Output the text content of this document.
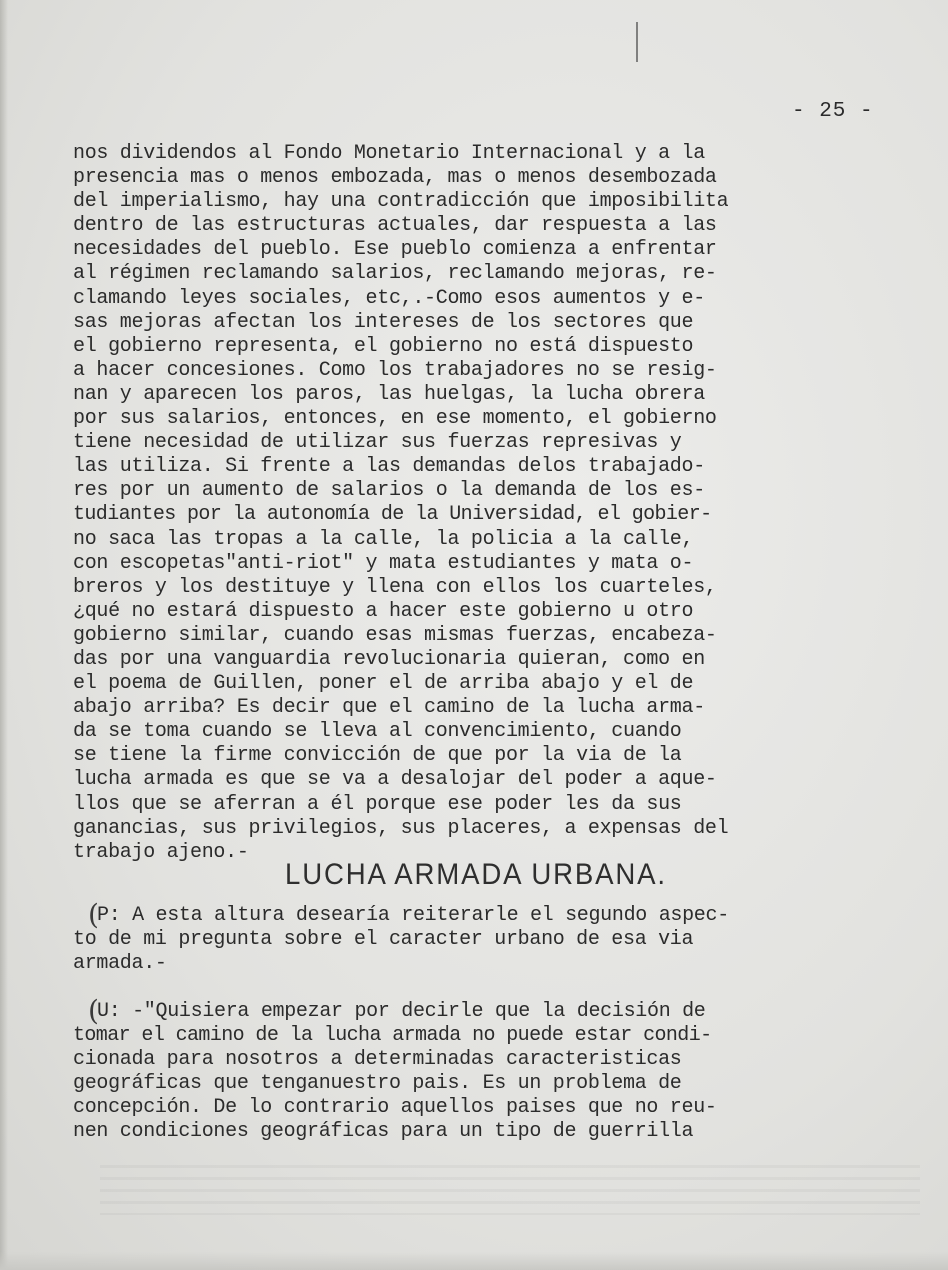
- 25 -
nos dividendos al Fondo Monetario Internacional y a la
presencia mas o menos embozada, mas o menos desembozada
del imperialismo, hay una contradicción que imposibilita
dentro de las estructuras actuales, dar respuesta a las
necesidades del pueblo. Ese pueblo comienza a enfrentar
al régimen reclamando salarios, reclamando mejoras, re-
clamando leyes sociales, etc,.-Como esos aumentos y e-
sas mejoras afectan los intereses de los sectores que
el gobierno representa, el gobierno no está dispuesto
a hacer concesiones. Como los trabajadores no se resig-
nan y aparecen los paros, las huelgas, la lucha obrera
por sus salarios, entonces, en ese momento, el gobierno
tiene necesidad de utilizar sus fuerzas represivas y
las utiliza. Si frente a las demandas delos trabajado-
res por un aumento de salarios o la demanda de los es-
tudiantes por la autonomía de la Universidad, el gobier-
no saca las tropas a la calle, la policia a la calle,
con escopetas"anti-riot" y mata estudiantes y mata o-
breros y los destituye y llena con ellos los cuarteles,
¿qué no estará dispuesto a hacer este gobierno u otro
gobierno similar, cuando esas mismas fuerzas, encabeza-
das por una vanguardia revolucionaria quieran, como en
el poema de Guillen, poner el de arriba abajo y el de
abajo arriba? Es decir que el camino de la lucha arma-
da se toma cuando se lleva al convencimiento, cuando
se tiene la firme convicción de que por la via de la
lucha armada es que se va a desalojar del poder a aque-
llos que se aferran a él porque ese poder les da sus
ganancias, sus privilegios, sus placeres, a expensas del
trabajo ajeno.-
LUCHA ARMADA URBANA.
(
P: A esta altura desearía reiterarle el segundo aspec-
to de mi pregunta sobre el caracter urbano de esa via
armada.-
(
U: -"Quisiera empezar por decirle que la decisión de
tomar el camino de la lucha armada no puede estar condi-
cionada para nosotros a determinadas caracteristicas
geográficas que tenganuestro pais. Es un problema de
concepción. De lo contrario aquellos paises que no reu-
nen condiciones geográficas para un tipo de guerrilla
